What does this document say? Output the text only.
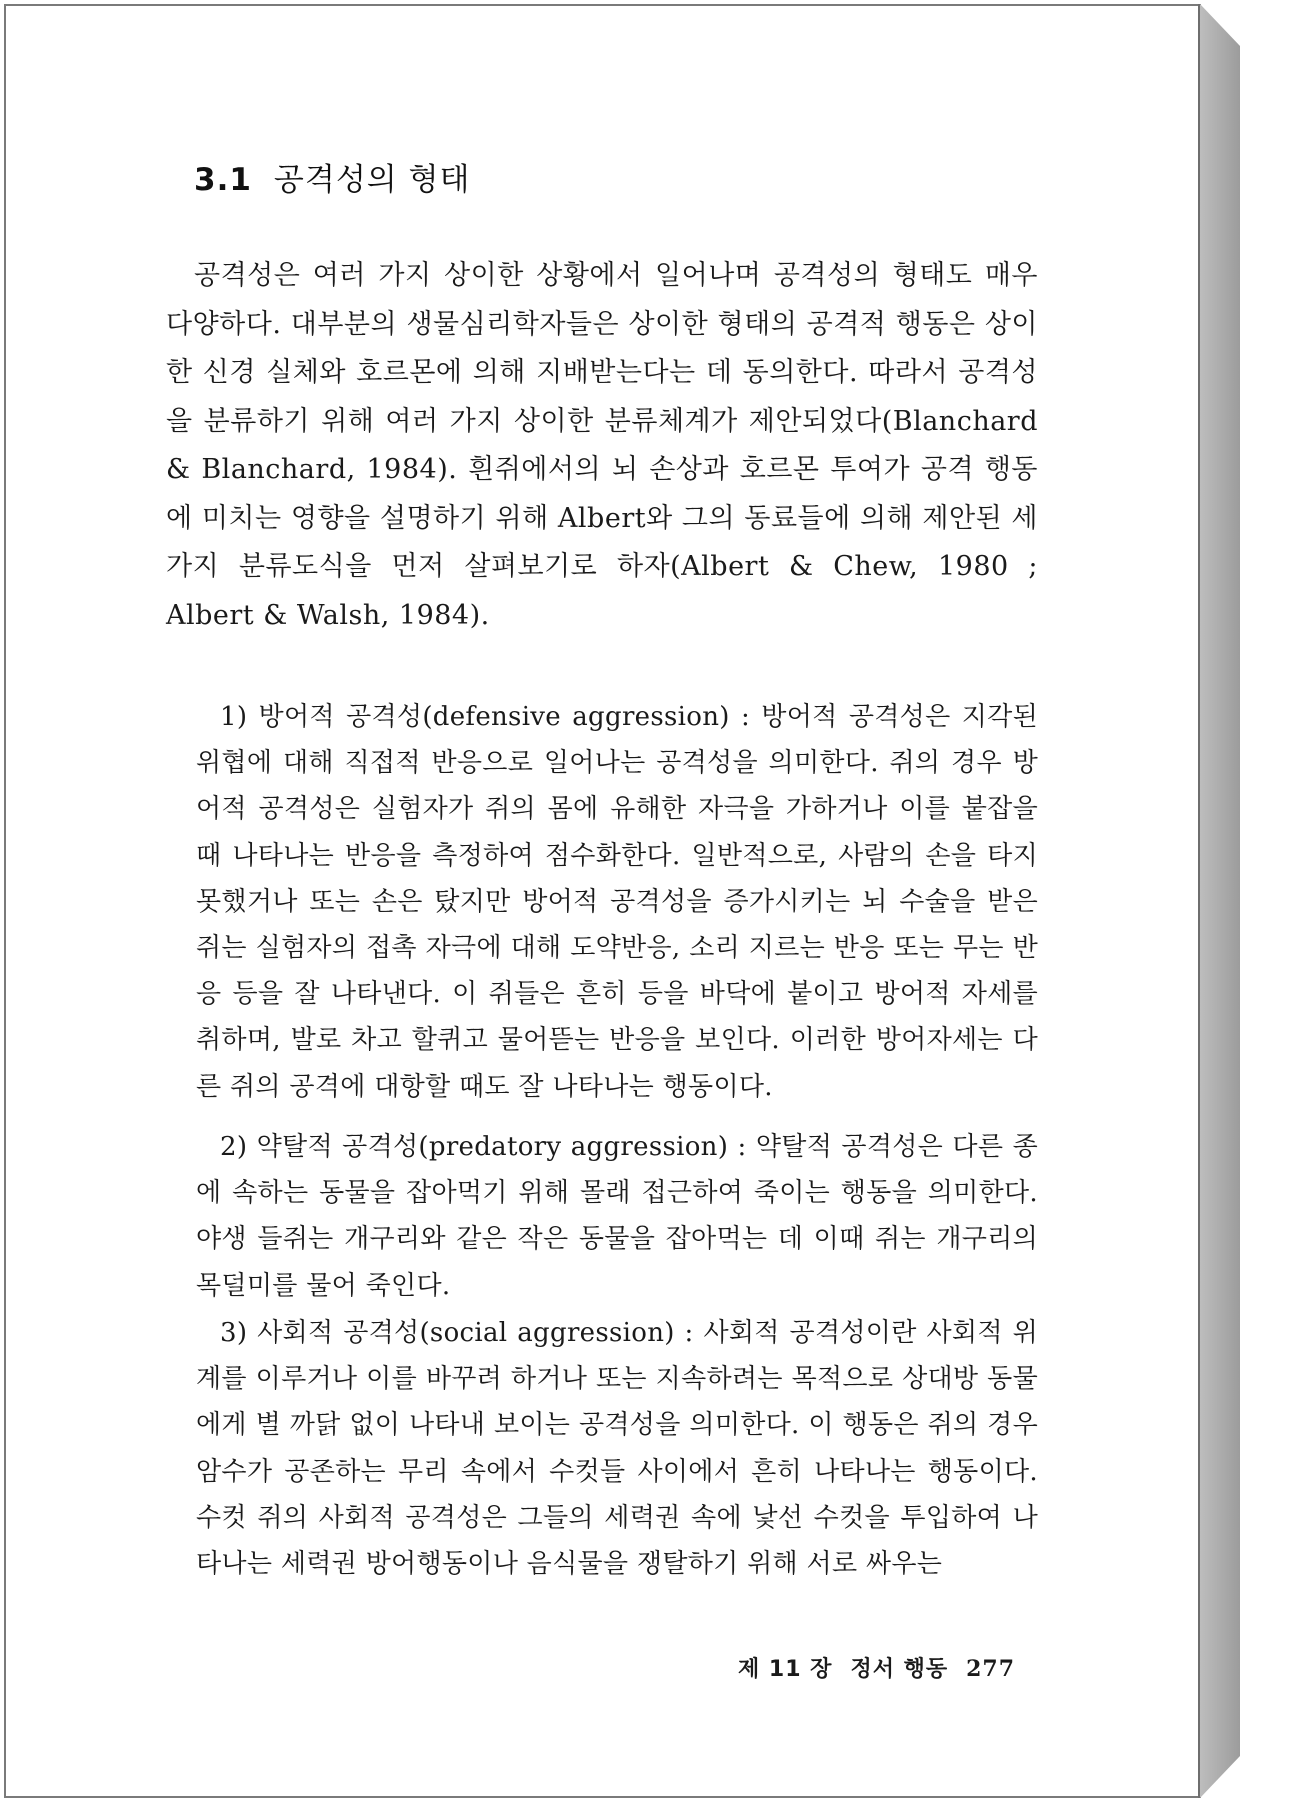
3.1 공격성의 형태

공격성은 여러 가지 상이한 상황에서 일어나며 공격성의 형태도 매우 다양하다. 대부분의 생물심리학자들은 상이한 형태의 공격적 행동은 상이한 신경 실체와 호르몬에 의해 지배받는다는 데 동의한다. 따라서 공격성을 분류하기 위해 여러 가지 상이한 분류체계가 제안되었다(Blanchard & Blanchard, 1984). 흰쥐에서의 뇌 손상과 호르몬 투여가 공격 행동에 미치는 영향을 설명하기 위해 Albert와 그의 동료들에 의해 제안된 세 가지 분류도식을 먼저 살펴보기로 하자(Albert & Chew, 1980 ; Albert & Walsh, 1984).

1) 방어적 공격성(defensive aggression) : 방어적 공격성은 지각된 위협에 대해 직접적 반응으로 일어나는 공격성을 의미한다. 쥐의 경우 방어적 공격성은 실험자가 쥐의 몸에 유해한 자극을 가하거나 이를 붙잡을 때 나타나는 반응을 측정하여 점수화한다. 일반적으로, 사람의 손을 타지 못했거나 또는 손은 탔지만 방어적 공격성을 증가시키는 뇌 수술을 받은 쥐는 실험자의 접촉 자극에 대해 도약반응, 소리 지르는 반응 또는 무는 반응 등을 잘 나타낸다. 이 쥐들은 흔히 등을 바닥에 붙이고 방어적 자세를 취하며, 발로 차고 할퀴고 물어뜯는 반응을 보인다. 이러한 방어자세는 다른 쥐의 공격에 대항할 때도 잘 나타나는 행동이다.

2) 약탈적 공격성(predatory aggression) : 약탈적 공격성은 다른 종에 속하는 동물을 잡아먹기 위해 몰래 접근하여 죽이는 행동을 의미한다. 야생 들쥐는 개구리와 같은 작은 동물을 잡아먹는 데 이때 쥐는 개구리의 목덜미를 물어 죽인다.

3) 사회적 공격성(social aggression) : 사회적 공격성이란 사회적 위계를 이루거나 이를 바꾸려 하거나 또는 지속하려는 목적으로 상대방 동물에게 별 까닭 없이 나타내 보이는 공격성을 의미한다. 이 행동은 쥐의 경우 암수가 공존하는 무리 속에서 수컷들 사이에서 흔히 나타나는 행동이다. 수컷 쥐의 사회적 공격성은 그들의 세력권 속에 낯선 수컷을 투입하여 나타나는 세력권 방어행동이나 음식물을 쟁탈하기 위해 서로 싸우는

제 11 장 정서 행동 277
